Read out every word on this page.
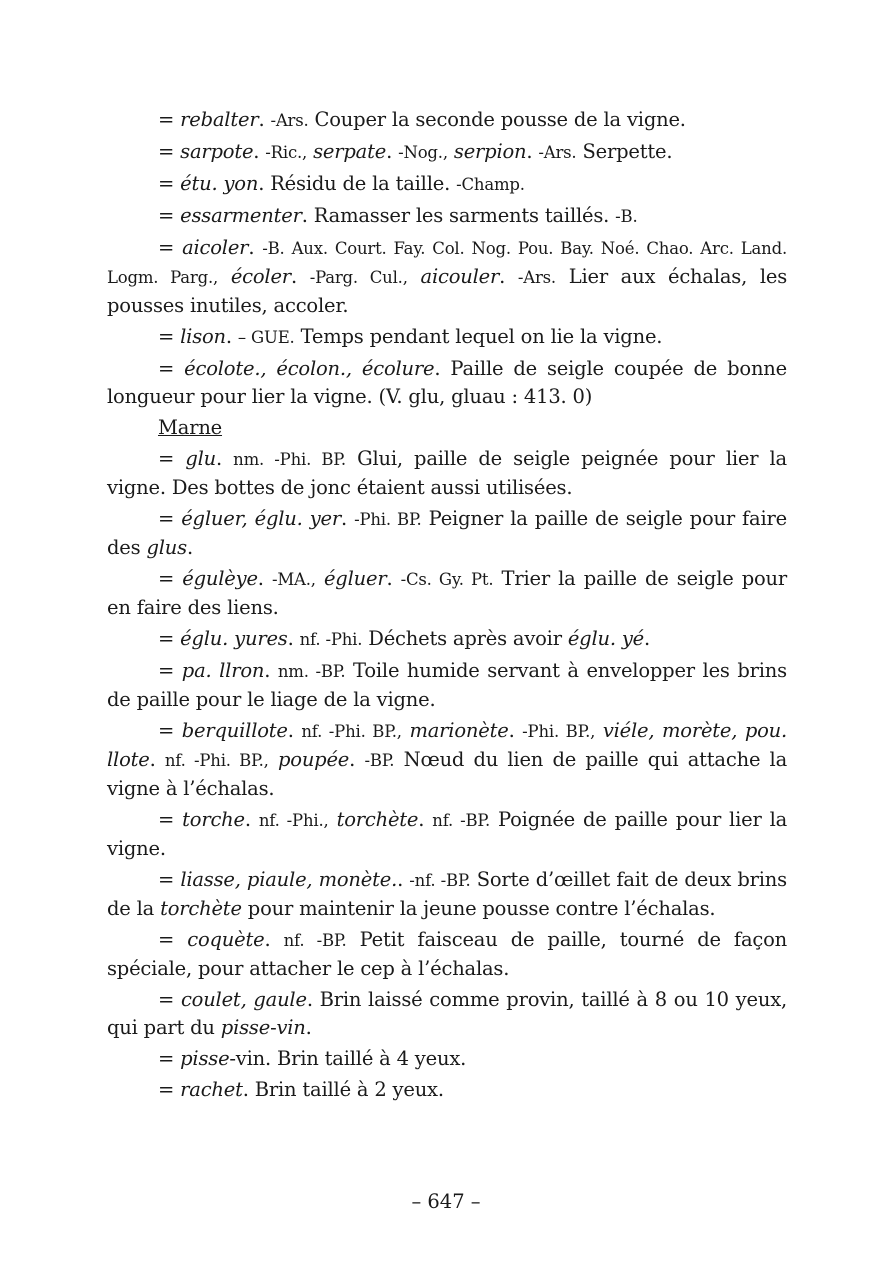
= rebalter. -Ars. Couper la seconde pousse de la vigne.

= sarpote. -Ric., serpate. -Nog., serpion. -Ars. Serpette.

= étu. yon. Résidu de la taille. -Champ.

= essarmenter. Ramasser les sarments taillés. -B.

= aicoler. -B. Aux. Court. Fay. Col. Nog. Pou. Bay. Noé. Chao. Arc. Land. Logm. Parg., écoler. -Parg. Cul., aicouler. -Ars. Lier aux échalas, les pousses inutiles, accoler.

= lison. – GUE. Temps pendant lequel on lie la vigne.

= écolote., écolon., écolure. Paille de seigle coupée de bonne longueur pour lier la vigne. (V. glu, gluau : 413. 0)

Marne

= glu. nm. -Phi. BP. Glui, paille de seigle peignée pour lier la vigne. Des bottes de jonc étaient aussi utilisées.

= égluer, églu. yer. -Phi. BP. Peigner la paille de seigle pour faire des glus.

= égulèye. -MA., égluer. -Cs. Gy. Pt. Trier la paille de seigle pour en faire des liens.

= églu. yures. nf. -Phi. Déchets après avoir églu. yé.

= pa. llron. nm. -BP. Toile humide servant à envelopper les brins de paille pour le liage de la vigne.

= berquillote. nf. -Phi. BP., marionète. -Phi. BP., viéle, morète, pou. llote. nf. -Phi. BP., poupée. -BP. Nœud du lien de paille qui attache la vigne à l’échalas.

= torche. nf. -Phi., torchète. nf. -BP. Poignée de paille pour lier la vigne.

= liasse, piaule, monète.. -nf. -BP. Sorte d’œillet fait de deux brins de la torchète pour maintenir la jeune pousse contre l’échalas.

= coquète. nf. -BP. Petit faisceau de paille, tourné de façon spéciale, pour attacher le cep à l’échalas.

= coulet, gaule. Brin laissé comme provin, taillé à 8 ou 10 yeux, qui part du pisse-vin.

= pisse-vin. Brin taillé à 4 yeux.

= rachet. Brin taillé à 2 yeux.

– 647 –
